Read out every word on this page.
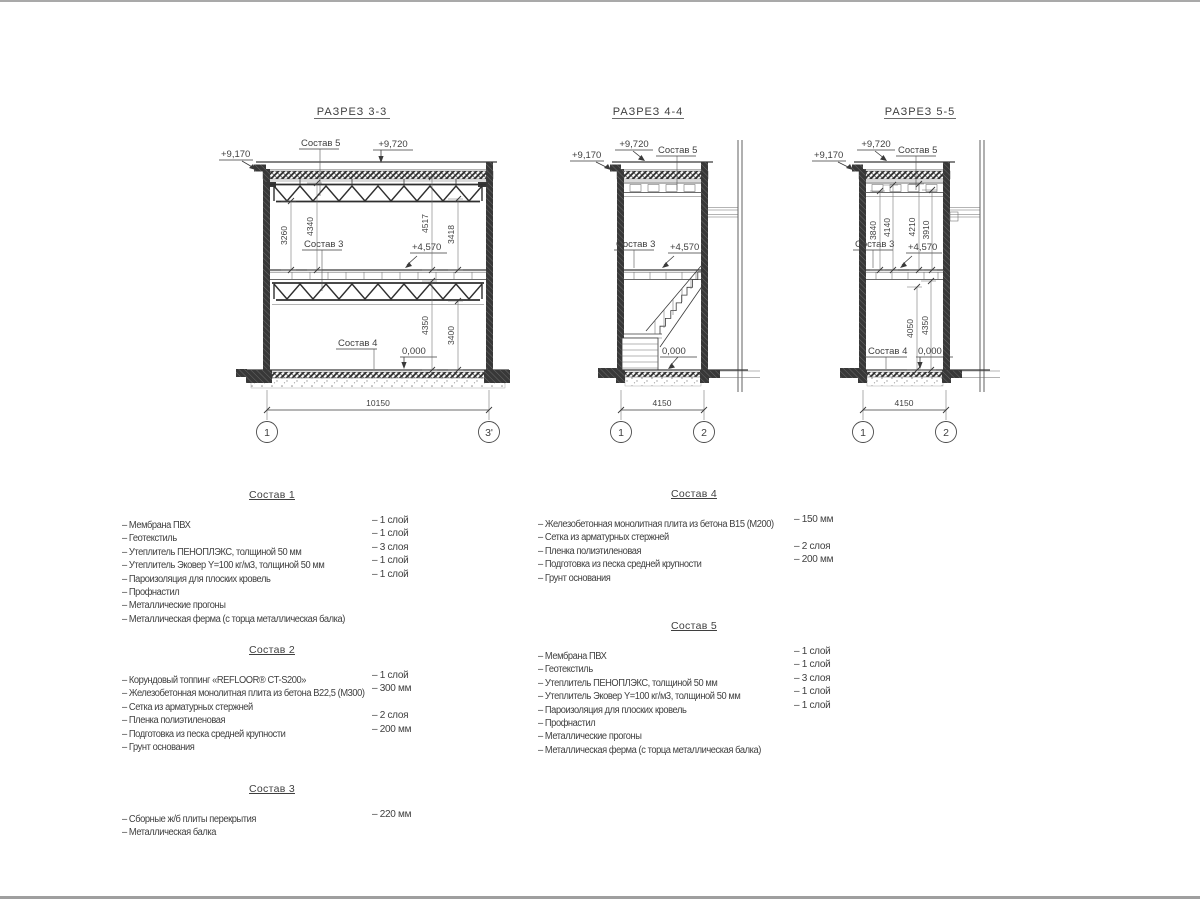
РАЗРЕЗ 3-3
+9,170
+9,720
+4,570
0,000
Состав 5
Состав 3
Состав 4
3260 4340	4517
3418
4350
3400
10150
1	3'
РАЗРЕЗ 4-4
+9,170
+9,720
+4,570
0,000
Состав 5
Состав 3
4150
1	2
РАЗРЕЗ 5-5
+9,170
+9,720
+4,570
0,000
Состав 5
Состав 3
Состав 4
3840 4140 4210 3910
4050 4350
4150
1	2
Состав 1
– Мембрана ПВХ	– 1 слой
– Геотекстиль	– 1 слой
– Утеплитель ПЕНОПЛЭКС, толщиной 50 мм	– 3 слоя
– Утеплитель Эковер Y=100 кг/м3, толщиной 50 мм	– 1 слой
– Пароизоляция для плоских кровель	– 1 слой
– Профнастил
– Металлические прогоны
– Металлическая ферма (с торца металлическая балка)
Состав 2
– Корундовый топпинг «REFLOOR® CT-S200»	– 1 слой
– Железобетонная монолитная плита из бетона В22,5 (М300) – 300 мм
– Сетка из арматурных стержней
– Пленка полиэтиленовая	– 2 слоя
– Подготовка из песка средней крупности	– 200 мм
– Грунт основания
Состав 3
– Сборные ж/б плиты перекрытия	– 220 мм
– Металлическая балка
Состав 4
– Железобетонная монолитная плита из бетона В15 (М200) – 150 мм
– Сетка из арматурных стержней
– Пленка полиэтиленовая	– 2 слоя
– Подготовка из песка средней крупности	– 200 мм
– Грунт основания
Состав 5
– Мембрана ПВХ	– 1 слой
– Геотекстиль	– 1 слой
– Утеплитель ПЕНОПЛЭКС, толщиной 50 мм	– 3 слоя
– Утеплитель Эковер Y=100 кг/м3, толщиной 50 мм	– 1 слой
– Пароизоляция для плоских кровель	– 1 слой
– Профнастил
– Металлические прогоны
– Металлическая ферма (с торца металлическая балка)
